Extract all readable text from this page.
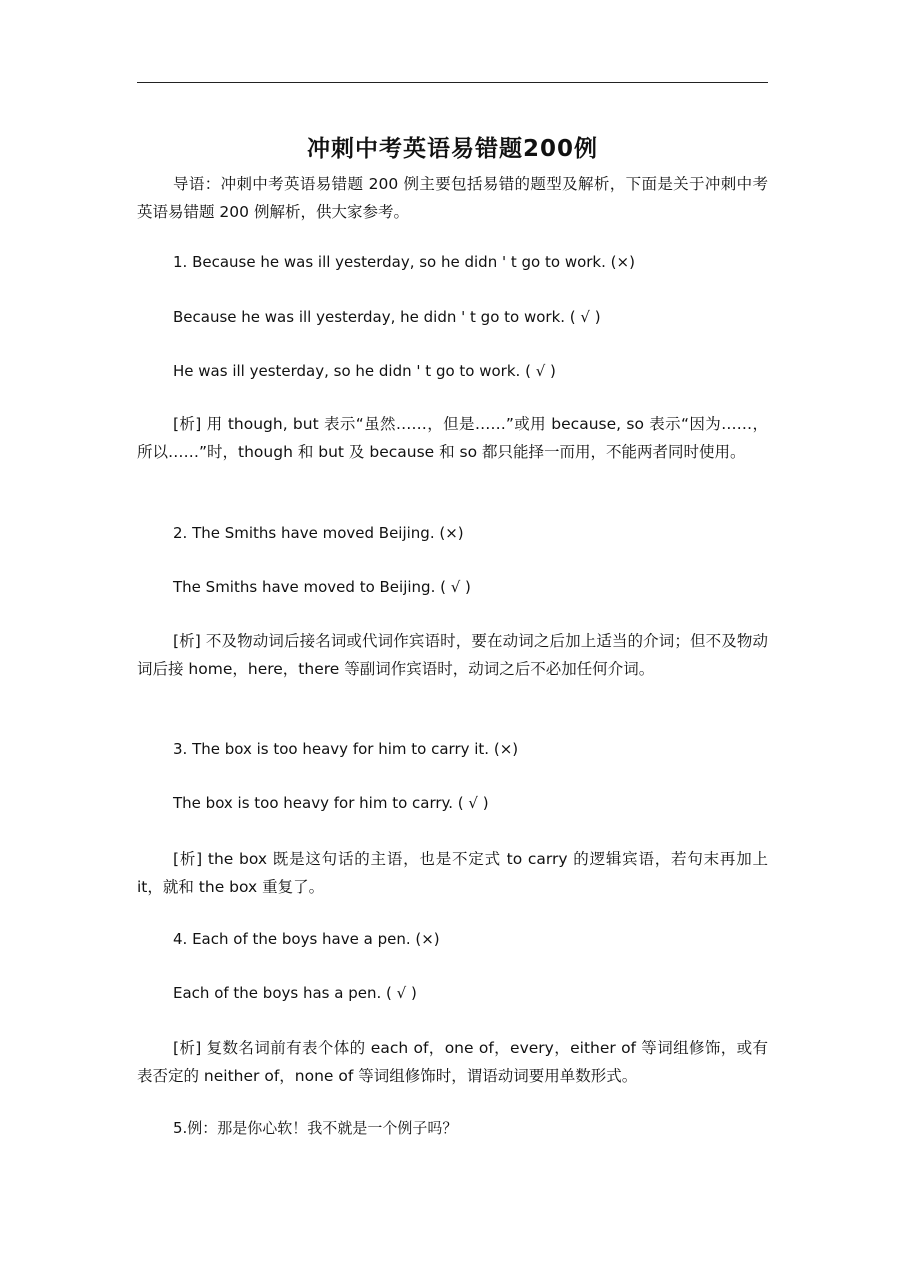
冲刺中考英语易错题200例

导语：冲刺中考英语易错题 200 例主要包括易错的题型及解析，下面是关于冲刺中考英语易错题 200 例解析，供大家参考。

1. Because he was ill yesterday, so he didn ' t go to work. (×)

Because he was ill yesterday, he didn ' t go to work. ( √ )

He was ill yesterday, so he didn ' t go to work. ( √ )

[析] 用 though, but 表示“虽然……，但是……”或用 because, so 表示“因为……，所以……”时，though 和 but 及 because 和 so 都只能择一而用，不能两者同时使用。

2. The Smiths have moved Beijing. (×)

The Smiths have moved to Beijing. ( √ )

[析] 不及物动词后接名词或代词作宾语时，要在动词之后加上适当的介词；但不及物动词后接 home，here，there 等副词作宾语时，动词之后不必加任何介词。

3. The box is too heavy for him to carry it. (×)

The box is too heavy for him to carry. ( √ )

[析] the box 既是这句话的主语，也是不定式 to carry 的逻辑宾语，若句末再加上 it，就和 the box 重复了。

4. Each of the boys have a pen. (×)

Each of the boys has a pen. ( √ )

[析] 复数名词前有表个体的 each of，one of，every，either of 等词组修饰，或有表否定的 neither of，none of 等词组修饰时，谓语动词要用单数形式。

5.例：那是你心软！我不就是一个例子吗？
